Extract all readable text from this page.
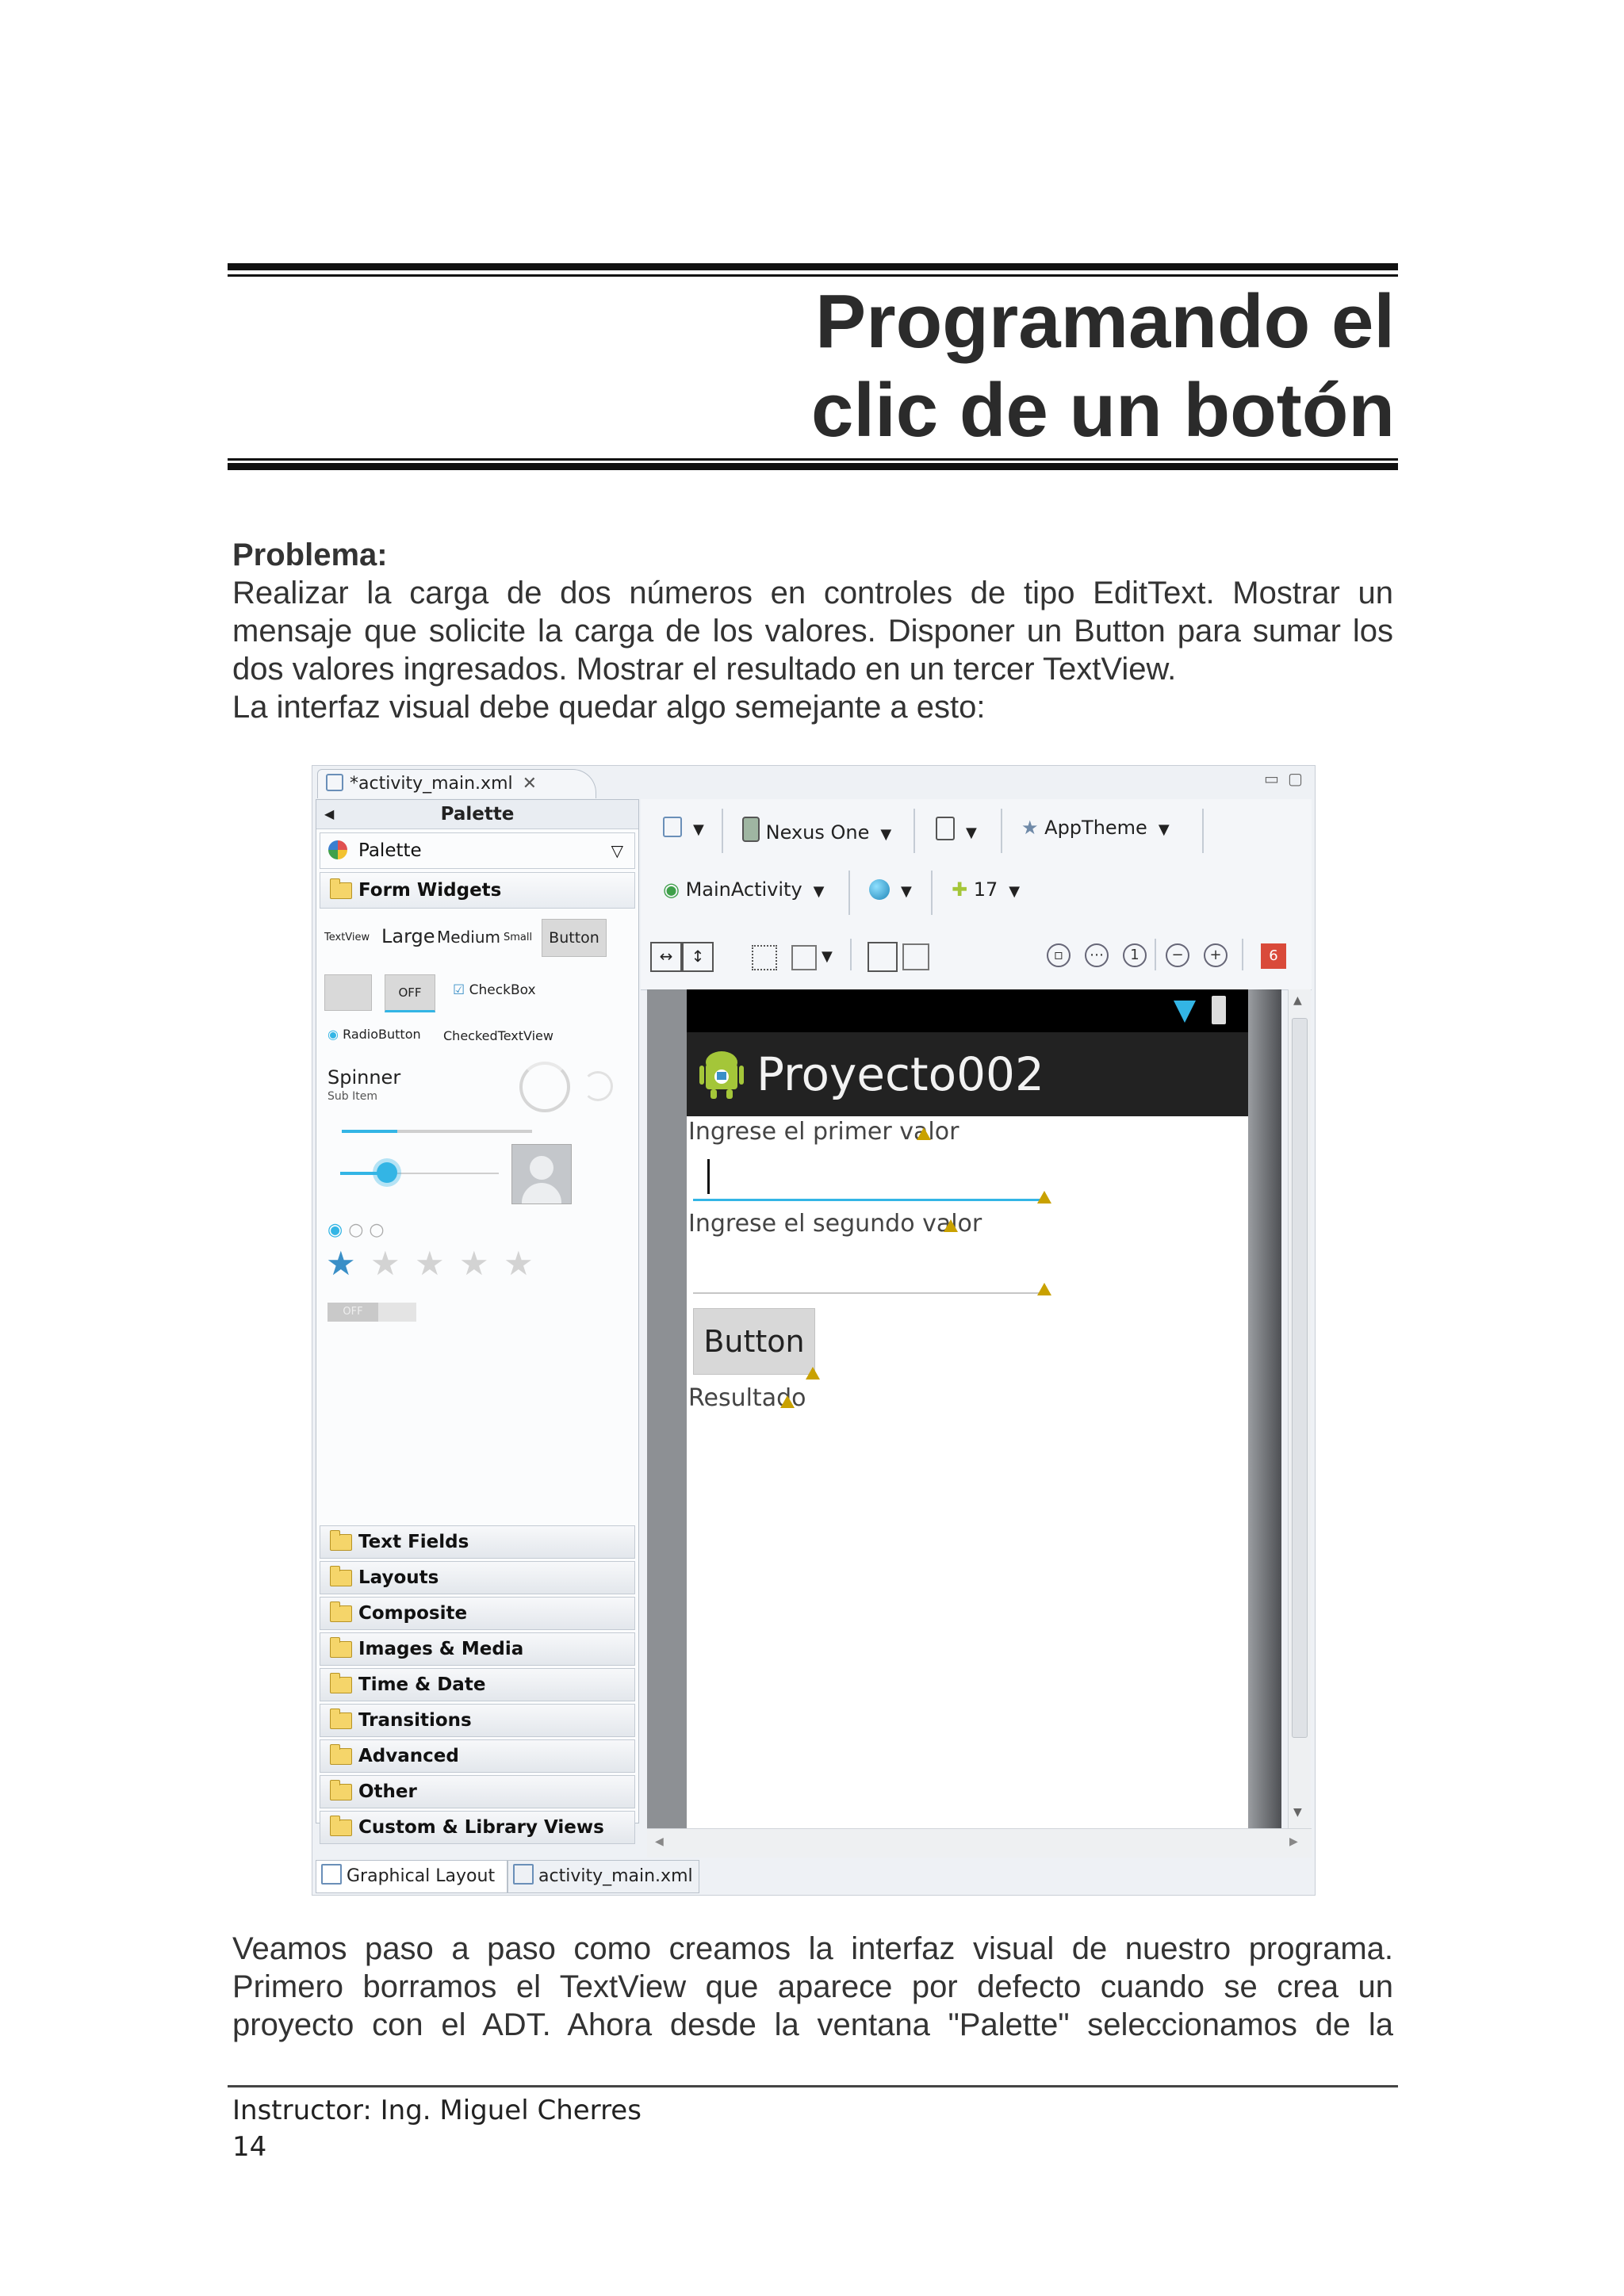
Programando el
clic de un botón
Problema:
Realizar la carga de dos números en controles de tipo EditText. Mostrar un mensaje que solicite la carga de los valores. Disponer un Button para sumar los dos valores ingresados. Mostrar el resultado en un tercer TextView.
La interfaz visual debe quedar algo semejante a esto:
*activity_main.xml ✕	▭ ▢
◀	Palette
Palette	▽
Form Widgets
TextView Large Medium Small	Button
OFF	☑ CheckBox
◉ RadioButton CheckedTextView
Spinner
Sub Item
◉ ○ ○
★ ★ ★ ★ ★
OFF
Text Fields
Layouts
Composite
Images & Media
Time & Date
Transitions
Advanced
Other
Custom & Library Views
▼	Nexus One ▼	▼ ★ AppTheme ▼
◉ MainActivity ▼	▼ ✚ 17 ▼
↔	↕	▼	▫	⋯	1	−	+	6
Proyecto002
Ingrese el primer valor
Ingrese el segundo valor
Button
Resultado
▲
▼
◀	▶
Graphical Layout	activity_main.xml
Veamos paso a paso como creamos la interfaz visual de nuestro programa. Primero borramos el TextView que aparece por defecto cuando se crea un proyecto con el ADT. Ahora desde la ventana "Palette" seleccionamos de la
Instructor: Ing. Miguel Cherres
14
